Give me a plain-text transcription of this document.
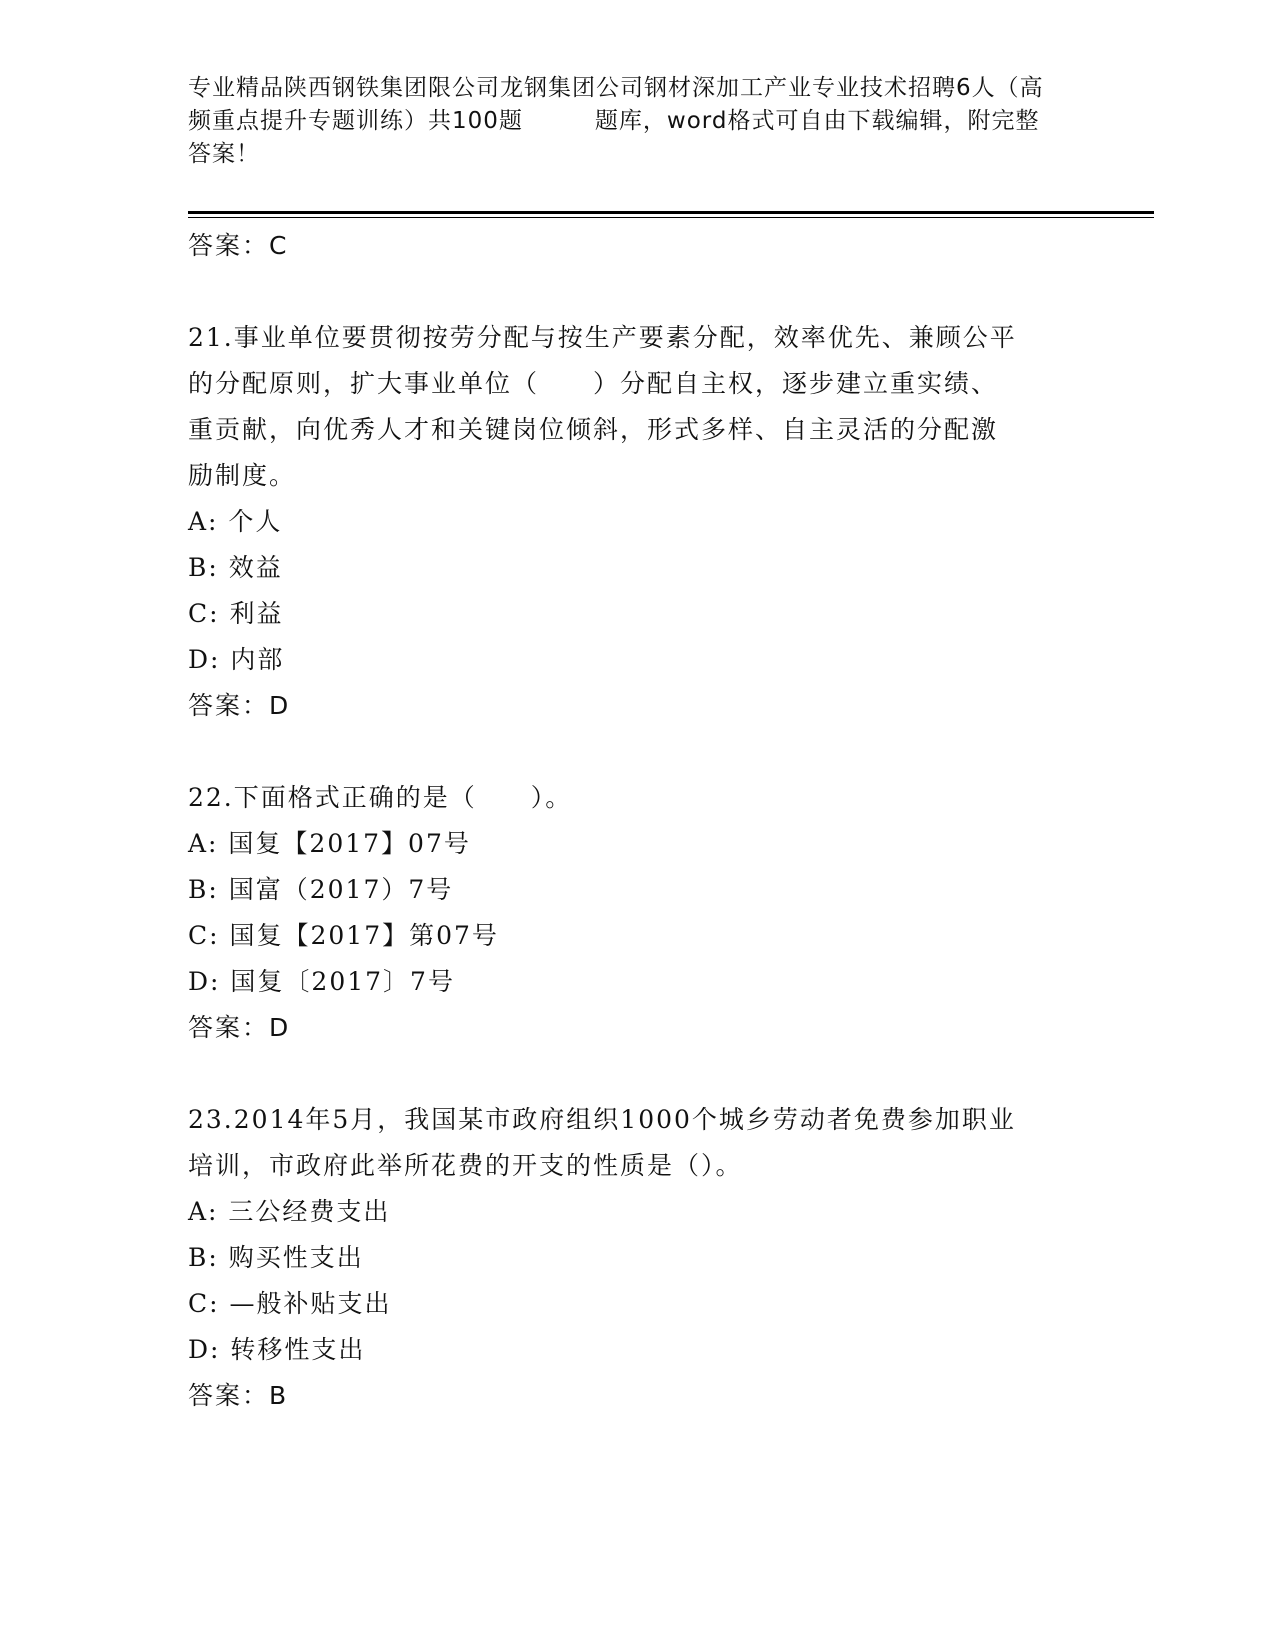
专业精品陕西钢铁集团限公司龙钢集团公司钢材深加工产业专业技术招聘6人（高
频重点提升专题训练）共100题	题库，word格式可自由下载编辑，附完整
答案！
答案：C
21.事业单位要贯彻按劳分配与按生产要素分配，效率优先、兼顾公平
的分配原则，扩大事业单位（　　）分配自主权，逐步建立重实绩、
重贡献，向优秀人才和关键岗位倾斜，形式多样、自主灵活的分配激
励制度。
A: 个人
B: 效益
C: 利益
D: 内部
答案：D
22.下面格式正确的是（　　）。
A: 国复【2017】07号
B: 国富（2017）7号
C: 国复【2017】第07号
D: 国复〔2017〕7号
答案：D
23.2014年5月，我国某市政府组织1000个城乡劳动者免费参加职业
培训，市政府此举所花费的开支的性质是（）。
A: 三公经费支出
B: 购买性支出
C: —般补贴支出
D: 转移性支出
答案：B
